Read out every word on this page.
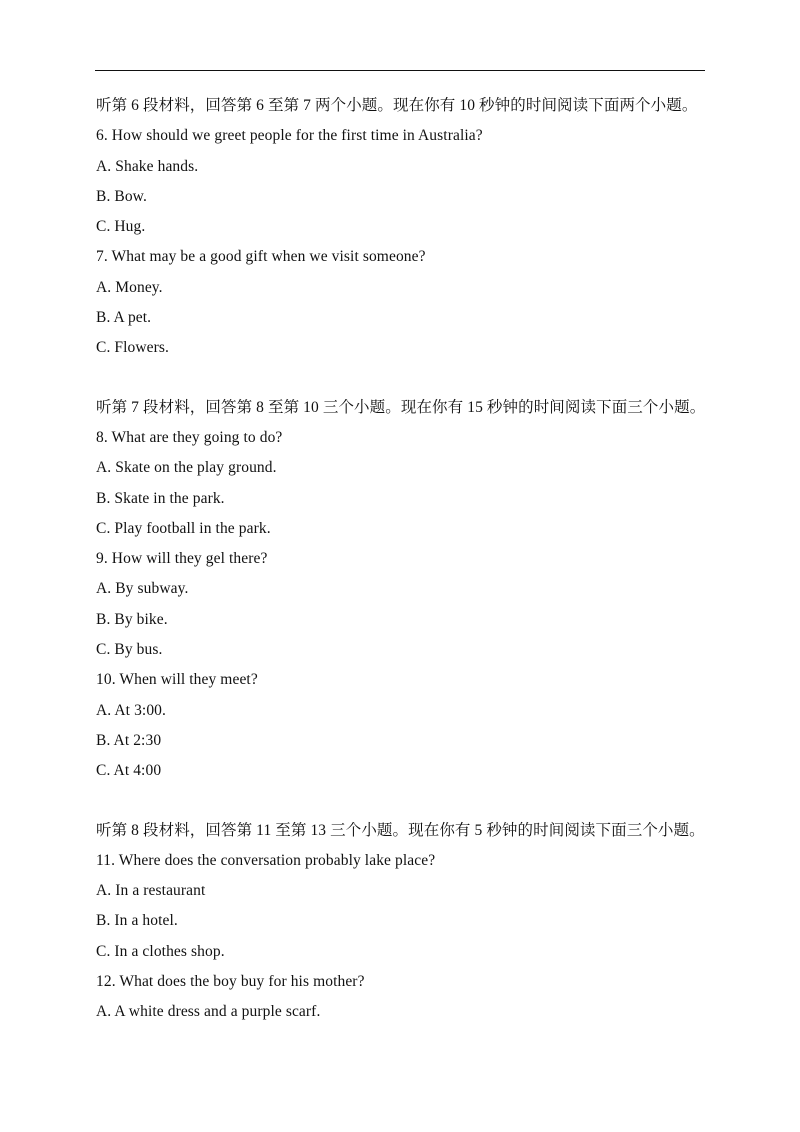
听第 6 段材料，回答第 6 至第 7 两个小题。现在你有 10 秒钟的时间阅读下面两个小题。
6. How should we greet people for the first time in Australia?
A. Shake hands.
B. Bow.
C. Hug.
7. What may be a good gift when we visit someone?
A. Money.
B. A pet.
C. Flowers.
听第 7 段材料，回答第 8 至第 10 三个小题。现在你有 15 秒钟的时间阅读下面三个小题。
8. What are they going to do?
A. Skate on the play ground.
B. Skate in the park.
C. Play football in the park.
9. How will they gel there?
A. By subway.
B. By bike.
C. By bus.
10. When will they meet?
A. At 3:00.
B. At 2:30
C. At 4:00
听第 8 段材料，回答第 11 至第 13 三个小题。现在你有 5 秒钟的时间阅读下面三个小题。
11. Where does the conversation probably lake place?
A. In a restaurant
B. In a hotel.
C. In a clothes shop.
12. What does the boy buy for his mother?
A. A white dress and a purple scarf.
